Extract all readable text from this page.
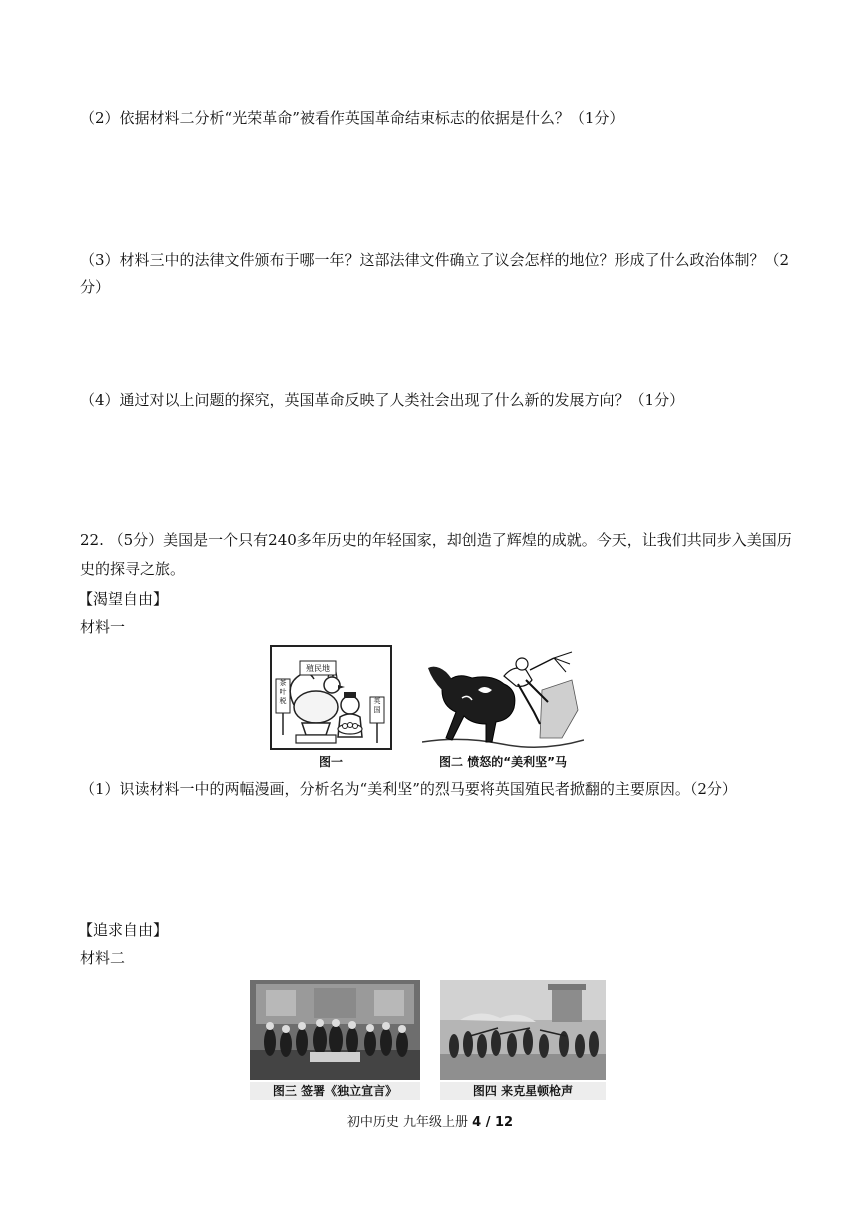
（2）依据材料二分析“光荣革命”被看作英国革命结束标志的依据是什么？（1分）
（3）材料三中的法律文件颁布于哪一年？这部法律文件确立了议会怎样的地位？形成了什么政治体制？（2
分）
（4）通过对以上问题的探究，英国革命反映了人类社会出现了什么新的发展方向？（1分）
22. （5分）美国是一个只有240多年历史的年轻国家，却创造了辉煌的成就。今天，让我们共同步入美国历史的探寻之旅。
【渴望自由】
材料一
茶叶税
殖民地
英国
图一	图二 愤怒的“美利坚”马
（1）识读材料一中的两幅漫画，分析名为“美利坚”的烈马要将英国殖民者掀翻的主要原因。（2分）
【追求自由】
材料二
图三 签署《独立宣言》	图四 来克星顿枪声
初中历史 九年级上册 4 / 12
